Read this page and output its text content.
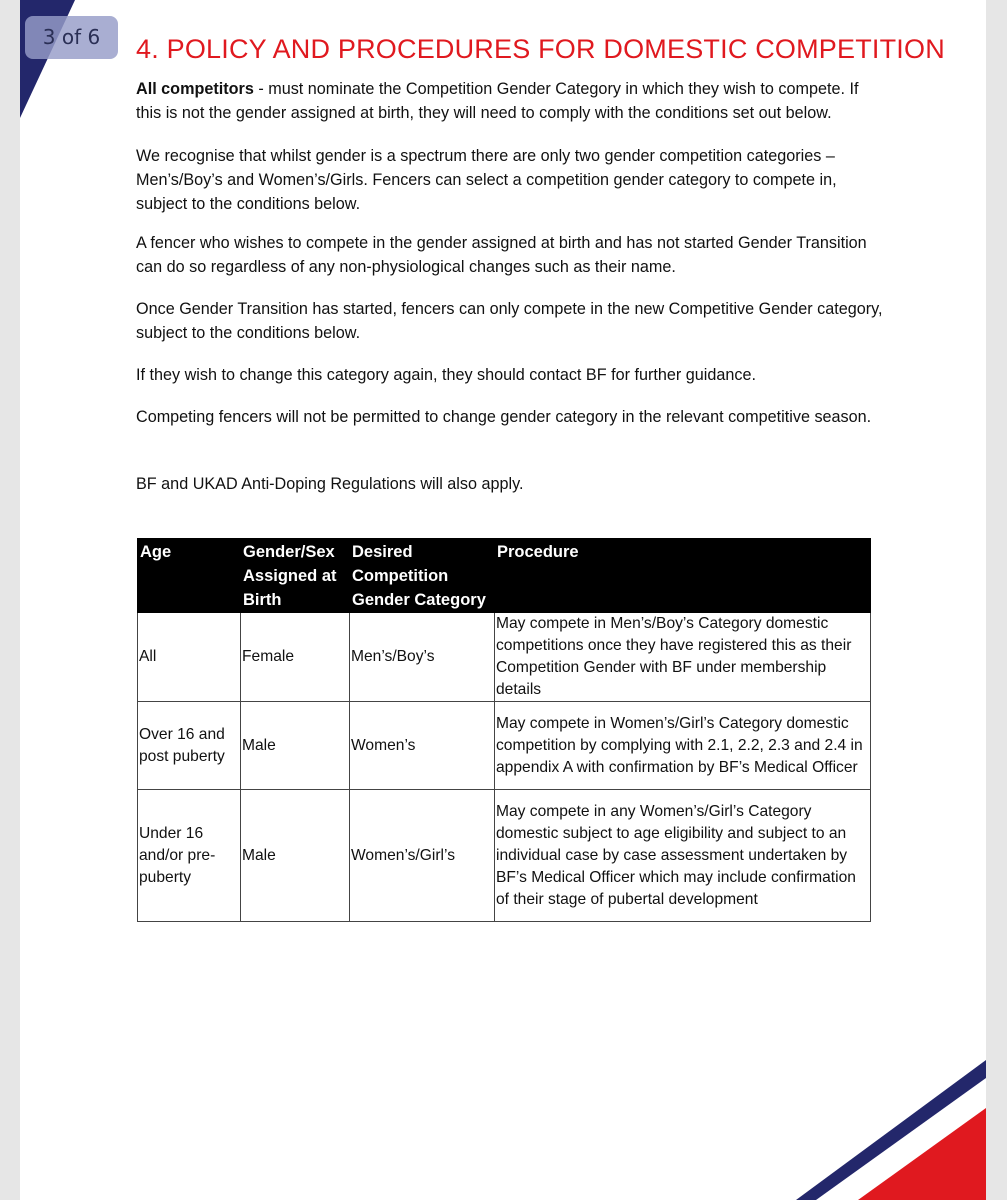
4. POLICY AND PROCEDURES FOR DOMESTIC COMPETITION

All competitors - must nominate the Competition Gender Category in which they wish to compete. If this is not the gender assigned at birth, they will need to comply with the conditions set out below.

We recognise that whilst gender is a spectrum there are only two gender competition categories – Men’s/Boy’s and Women’s/Girls. Fencers can select a competition gender category to compete in, subject to the conditions below.

A fencer who wishes to compete in the gender assigned at birth and has not started Gender Transition can do so regardless of any non-physiological changes such as their name.

Once Gender Transition has started, fencers can only compete in the new Competitive Gender category, subject to the conditions below.

If they wish to change this category again, they should contact BF for further guidance.

Competing fencers will not be permitted to change gender category in the relevant competitive season.

BF and UKAD Anti-Doping Regulations will also apply.

Age	Gender/Sex Assigned at Birth	Desired Competition Gender Category	Procedure
All	Female	Men’s/Boy’s	May compete in Men’s/Boy’s Category domestic competitions once they have registered this as their Competition Gender with BF under membership details
Over 16 and post puberty	Male	Women’s	May compete in Women’s/Girl’s Category domestic competition by complying with 2.1, 2.2, 2.3 and 2.4 in appendix A with confirmation by BF’s Medical Officer
Under 16 and/or pre-puberty	Male	Women’s/Girl’s	May compete in any Women’s/Girl’s Category domestic subject to age eligibility and subject to an individual case by case assessment undertaken by BF’s Medical Officer which may include confirmation of their stage of pubertal development
3 of 6
